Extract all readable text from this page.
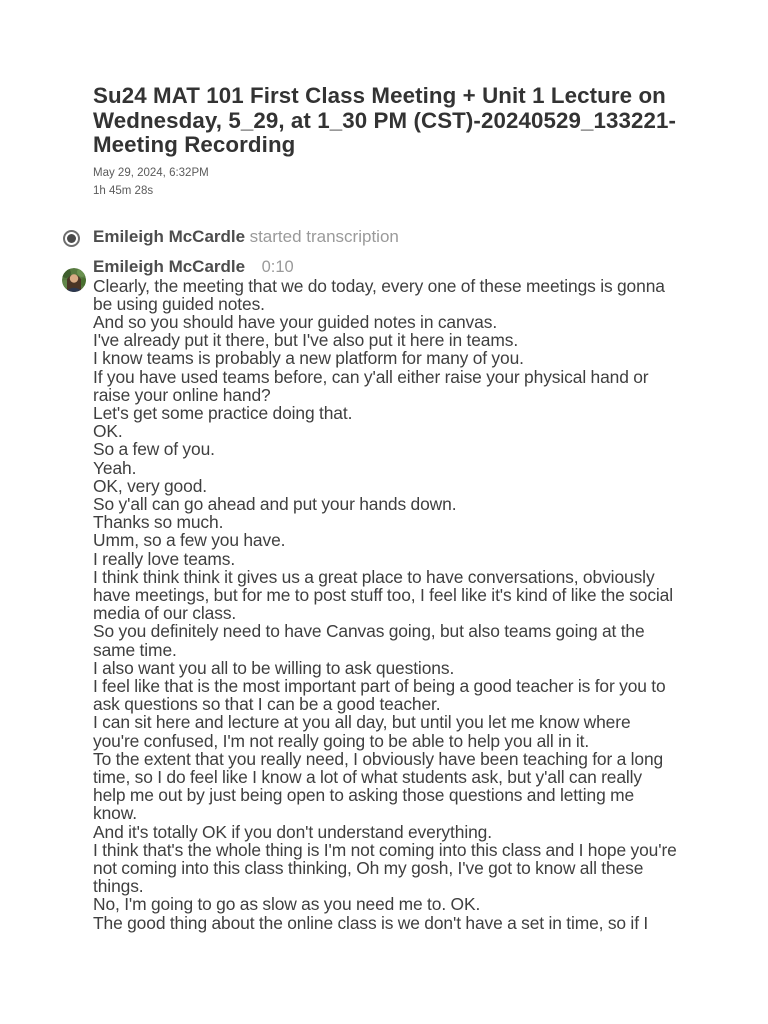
Su24 MAT 101 First Class Meeting + Unit 1 Lecture on Wednesday, 5_29, at 1_30 PM (CST)-20240529_133221-Meeting Recording
May 29, 2024, 6:32PM
1h 45m 28s
Emileigh McCardle started transcription
Emileigh McCardle 0:10
Clearly, the meeting that we do today, every one of these meetings is gonna be using guided notes.
And so you should have your guided notes in canvas.
I've already put it there, but I've also put it here in teams.
I know teams is probably a new platform for many of you.
If you have used teams before, can y'all either raise your physical hand or raise your online hand?
Let's get some practice doing that.
OK.
So a few of you.
Yeah.
OK, very good.
So y'all can go ahead and put your hands down.
Thanks so much.
Umm, so a few you have.
I really love teams.
I think think think it gives us a great place to have conversations, obviously have meetings, but for me to post stuff too, I feel like it's kind of like the social media of our class.
So you definitely need to have Canvas going, but also teams going at the same time.
I also want you all to be willing to ask questions.
I feel like that is the most important part of being a good teacher is for you to ask questions so that I can be a good teacher.
I can sit here and lecture at you all day, but until you let me know where you're confused, I'm not really going to be able to help you all in it.
To the extent that you really need, I obviously have been teaching for a long time, so I do feel like I know a lot of what students ask, but y'all can really help me out by just being open to asking those questions and letting me know.
And it's totally OK if you don't understand everything.
I think that's the whole thing is I'm not coming into this class and I hope you're not coming into this class thinking, Oh my gosh, I've got to know all these things.
No, I'm going to go as slow as you need me to. OK.
The good thing about the online class is we don't have a set in time, so if I
